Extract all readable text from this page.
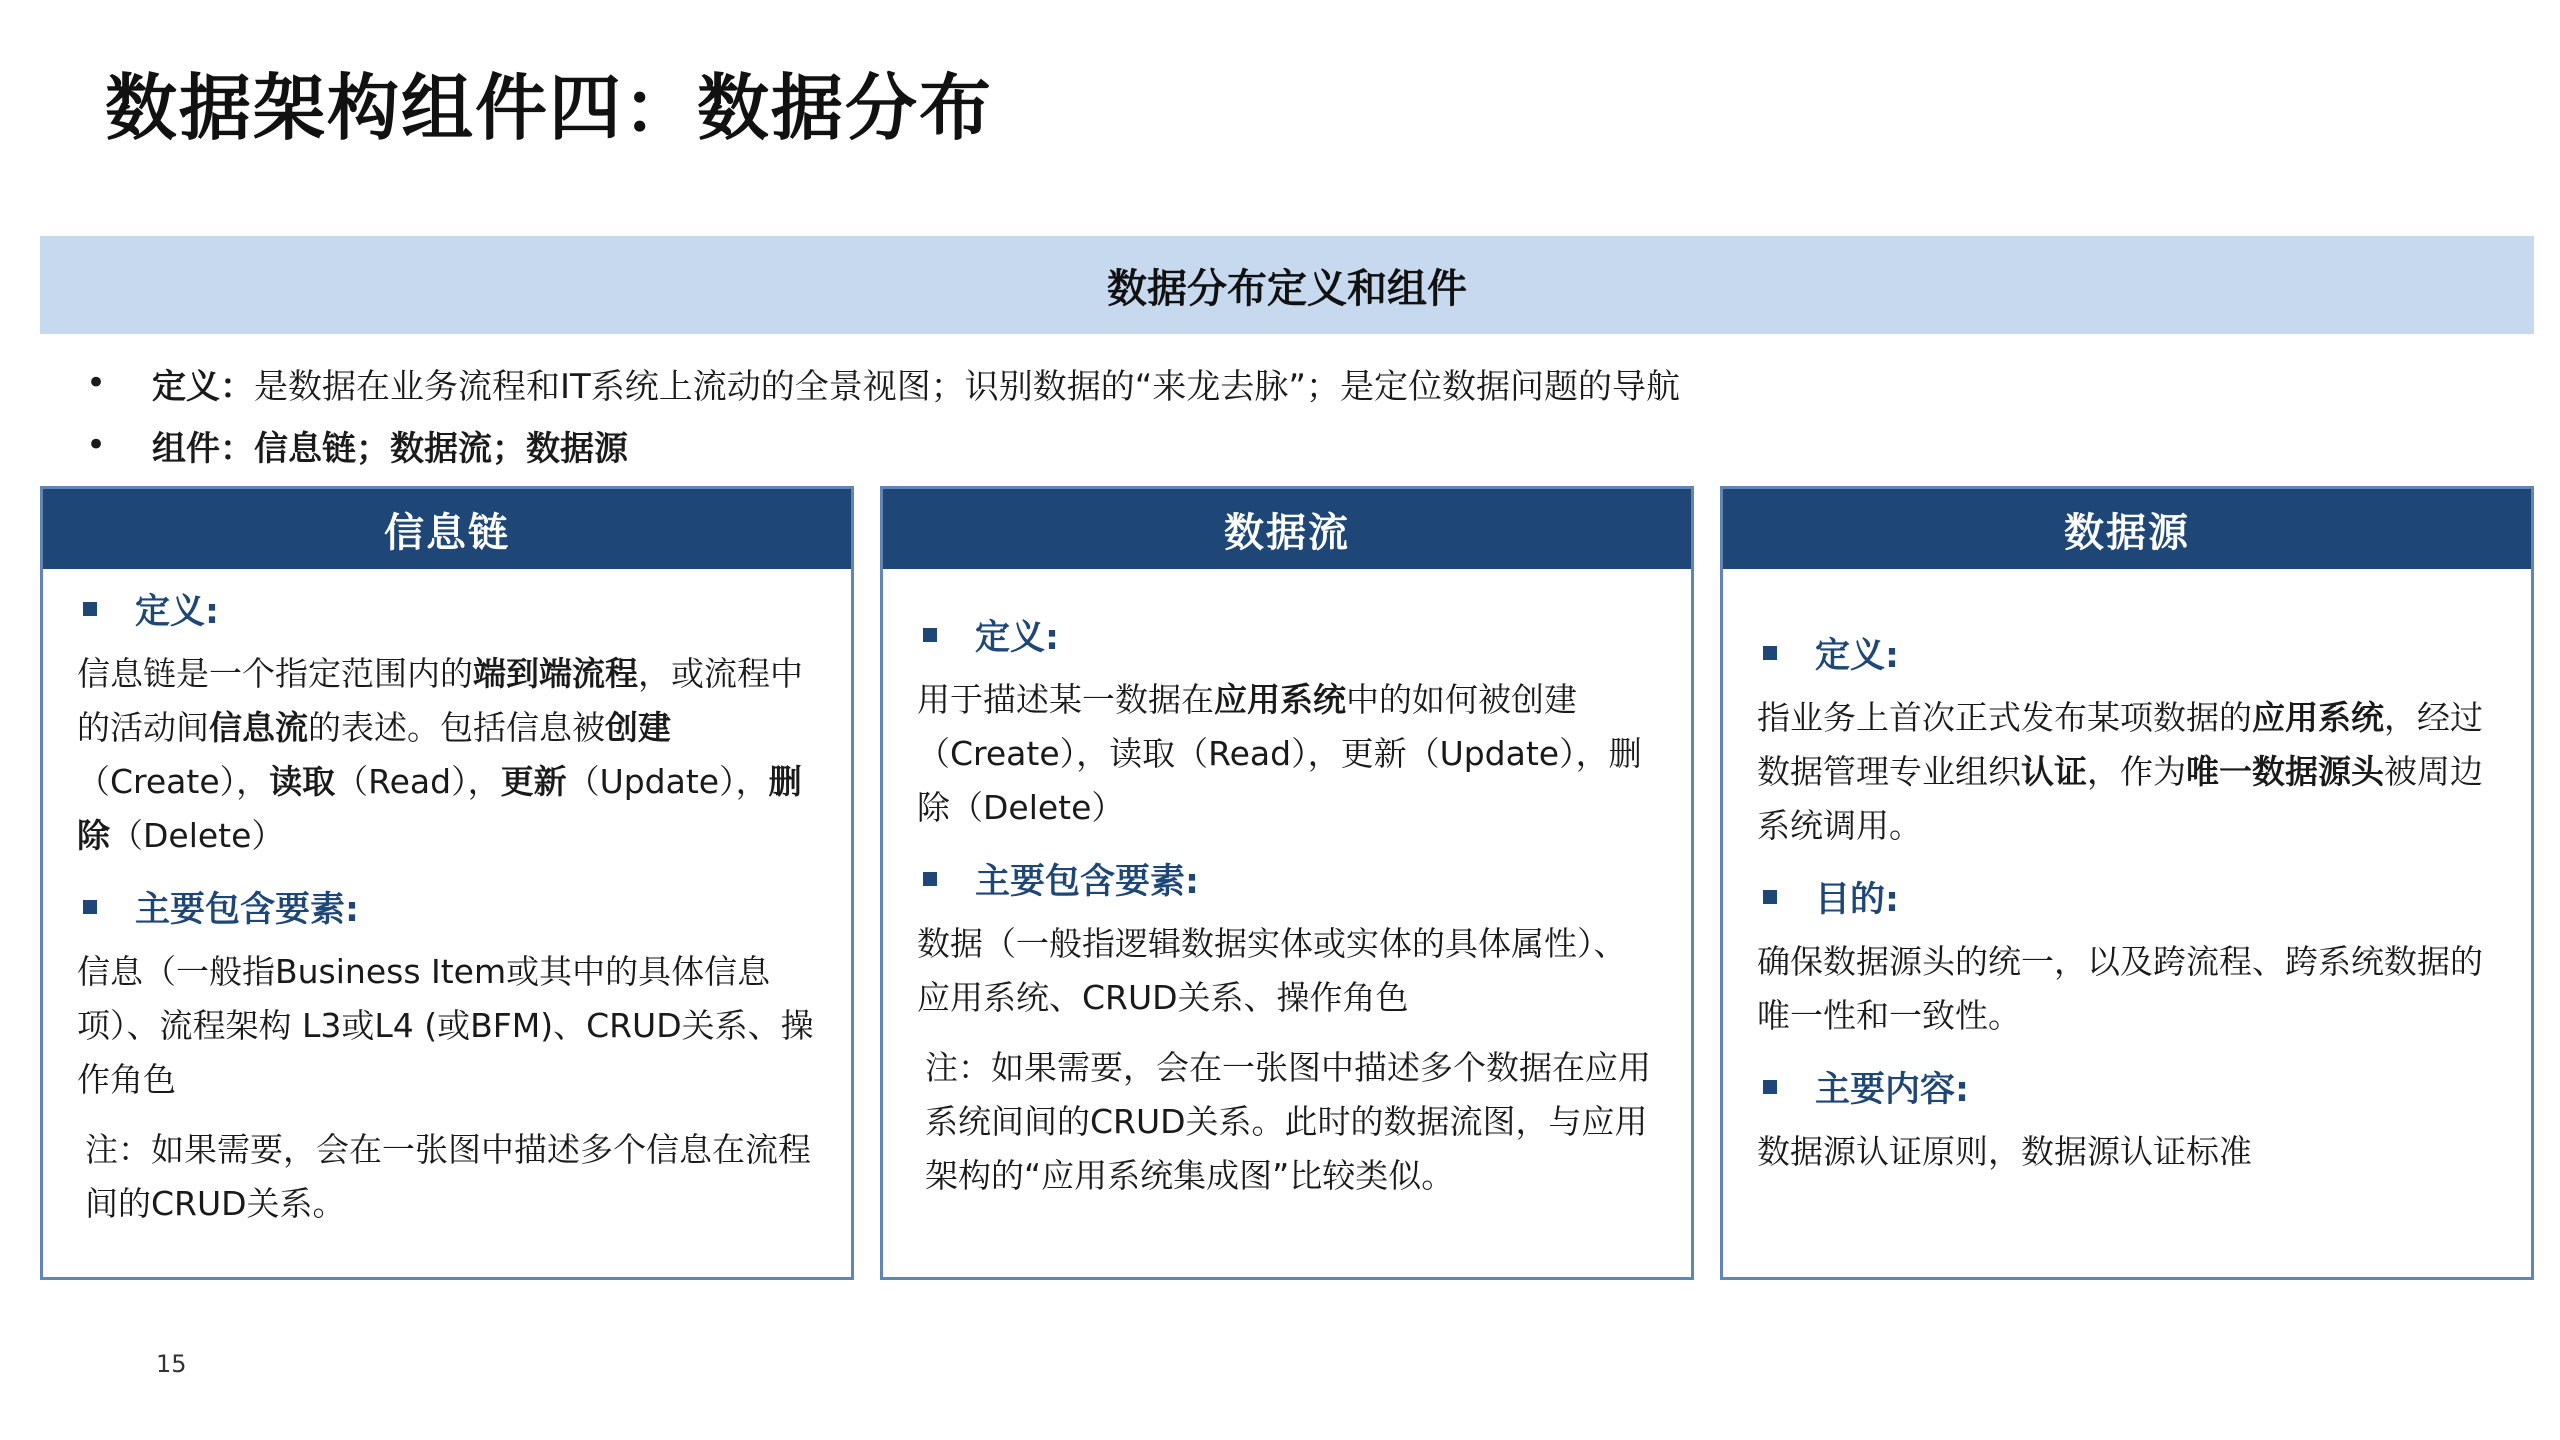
数据架构组件四：数据分布
数据分布定义和组件
•	定义： 是数据在业务流程和IT系统上流动的全景视图；识别数据的“来龙去脉”；是定位数据问题的导航
•	组件：信息链；数据流；数据源
信息链
定义:
信息链是一个指定范围内的端到端流程，或流程中的活动间信息流的表述。包括信息被创建（Create），读取（Read），更新（Update），删除（Delete）
主要包含要素:
信息（一般指Business Item或其中的具体信息项）、流程架构 L3或L4 (或BFM)、CRUD关系、操作角色
注：如果需要，会在一张图中描述多个信息在流程间的CRUD关系。
数据流
定义:
用于描述某一数据在应用系统中的如何被创建（Create），读取（Read），更新（Update），删除（Delete）
主要包含要素:
数据（一般指逻辑数据实体或实体的具体属性）、应用系统、CRUD关系、操作角色
注：如果需要，会在一张图中描述多个数据在应用系统间间的CRUD关系。此时的数据流图，与应用架构的“应用系统集成图”比较类似。
数据源
定义:
指业务上首次正式发布某项数据的应用系统，经过数据管理专业组织认证，作为唯一数据源头被周边系统调用。
目的:
确保数据源头的统一，以及跨流程、跨系统数据的唯一性和一致性。
主要内容:
数据源认证原则，数据源认证标准
15
